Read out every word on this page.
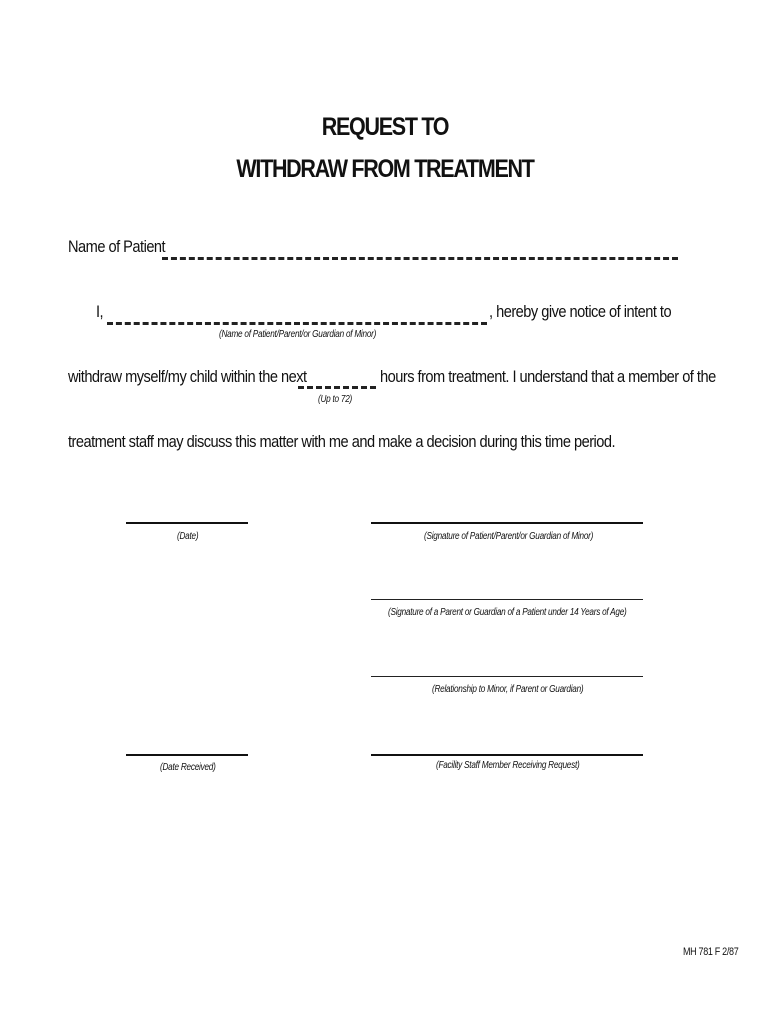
REQUEST TO
WITHDRAW FROM TREATMENT
Name of Patient
I,	, hereby give notice of intent to
(Name of Patient/Parent/or Guardian of Minor)
withdraw myself/my child within the next	hours from treatment. I understand that a member of the
(Up to 72)
treatment staff may discuss this matter with me and make a decision during this time period.
(Date)	(Signature of Patient/Parent/or Guardian of Minor)
(Signature of a Parent or Guardian of a Patient under 14 Years of Age)
(Relationship to Minor, if Parent or Guardian)
(Date Received)	(Facility Staff Member Receiving Request)
MH 781 F 2/87
